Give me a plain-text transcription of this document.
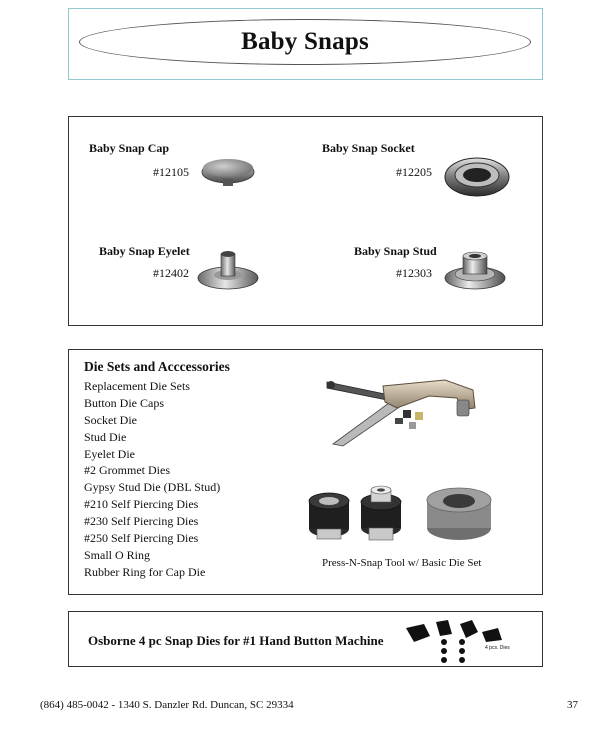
Baby Snaps
Baby Snap Cap
#12105
Baby Snap Socket
#12205
Baby Snap Eyelet
#12402
Baby Snap Stud
#12303
Die Sets and Acccessories
Replacement Die Sets
Button Die Caps
Socket Die
Stud Die
Eyelet Die
#2 Grommet Dies
Gypsy Stud Die (DBL Stud)
#210 Self Piercing Dies
#230 Self Piercing Dies
#250 Self Piercing Dies
Small O Ring
Rubber Ring for Cap Die
Press-N-Snap Tool w/ Basic Die Set
Osborne 4 pc Snap Dies for #1 Hand Button Machine	4 pcs. Dies
(864) 485-0042 - 1340 S. Danzler Rd. Duncan, SC 29334	37
